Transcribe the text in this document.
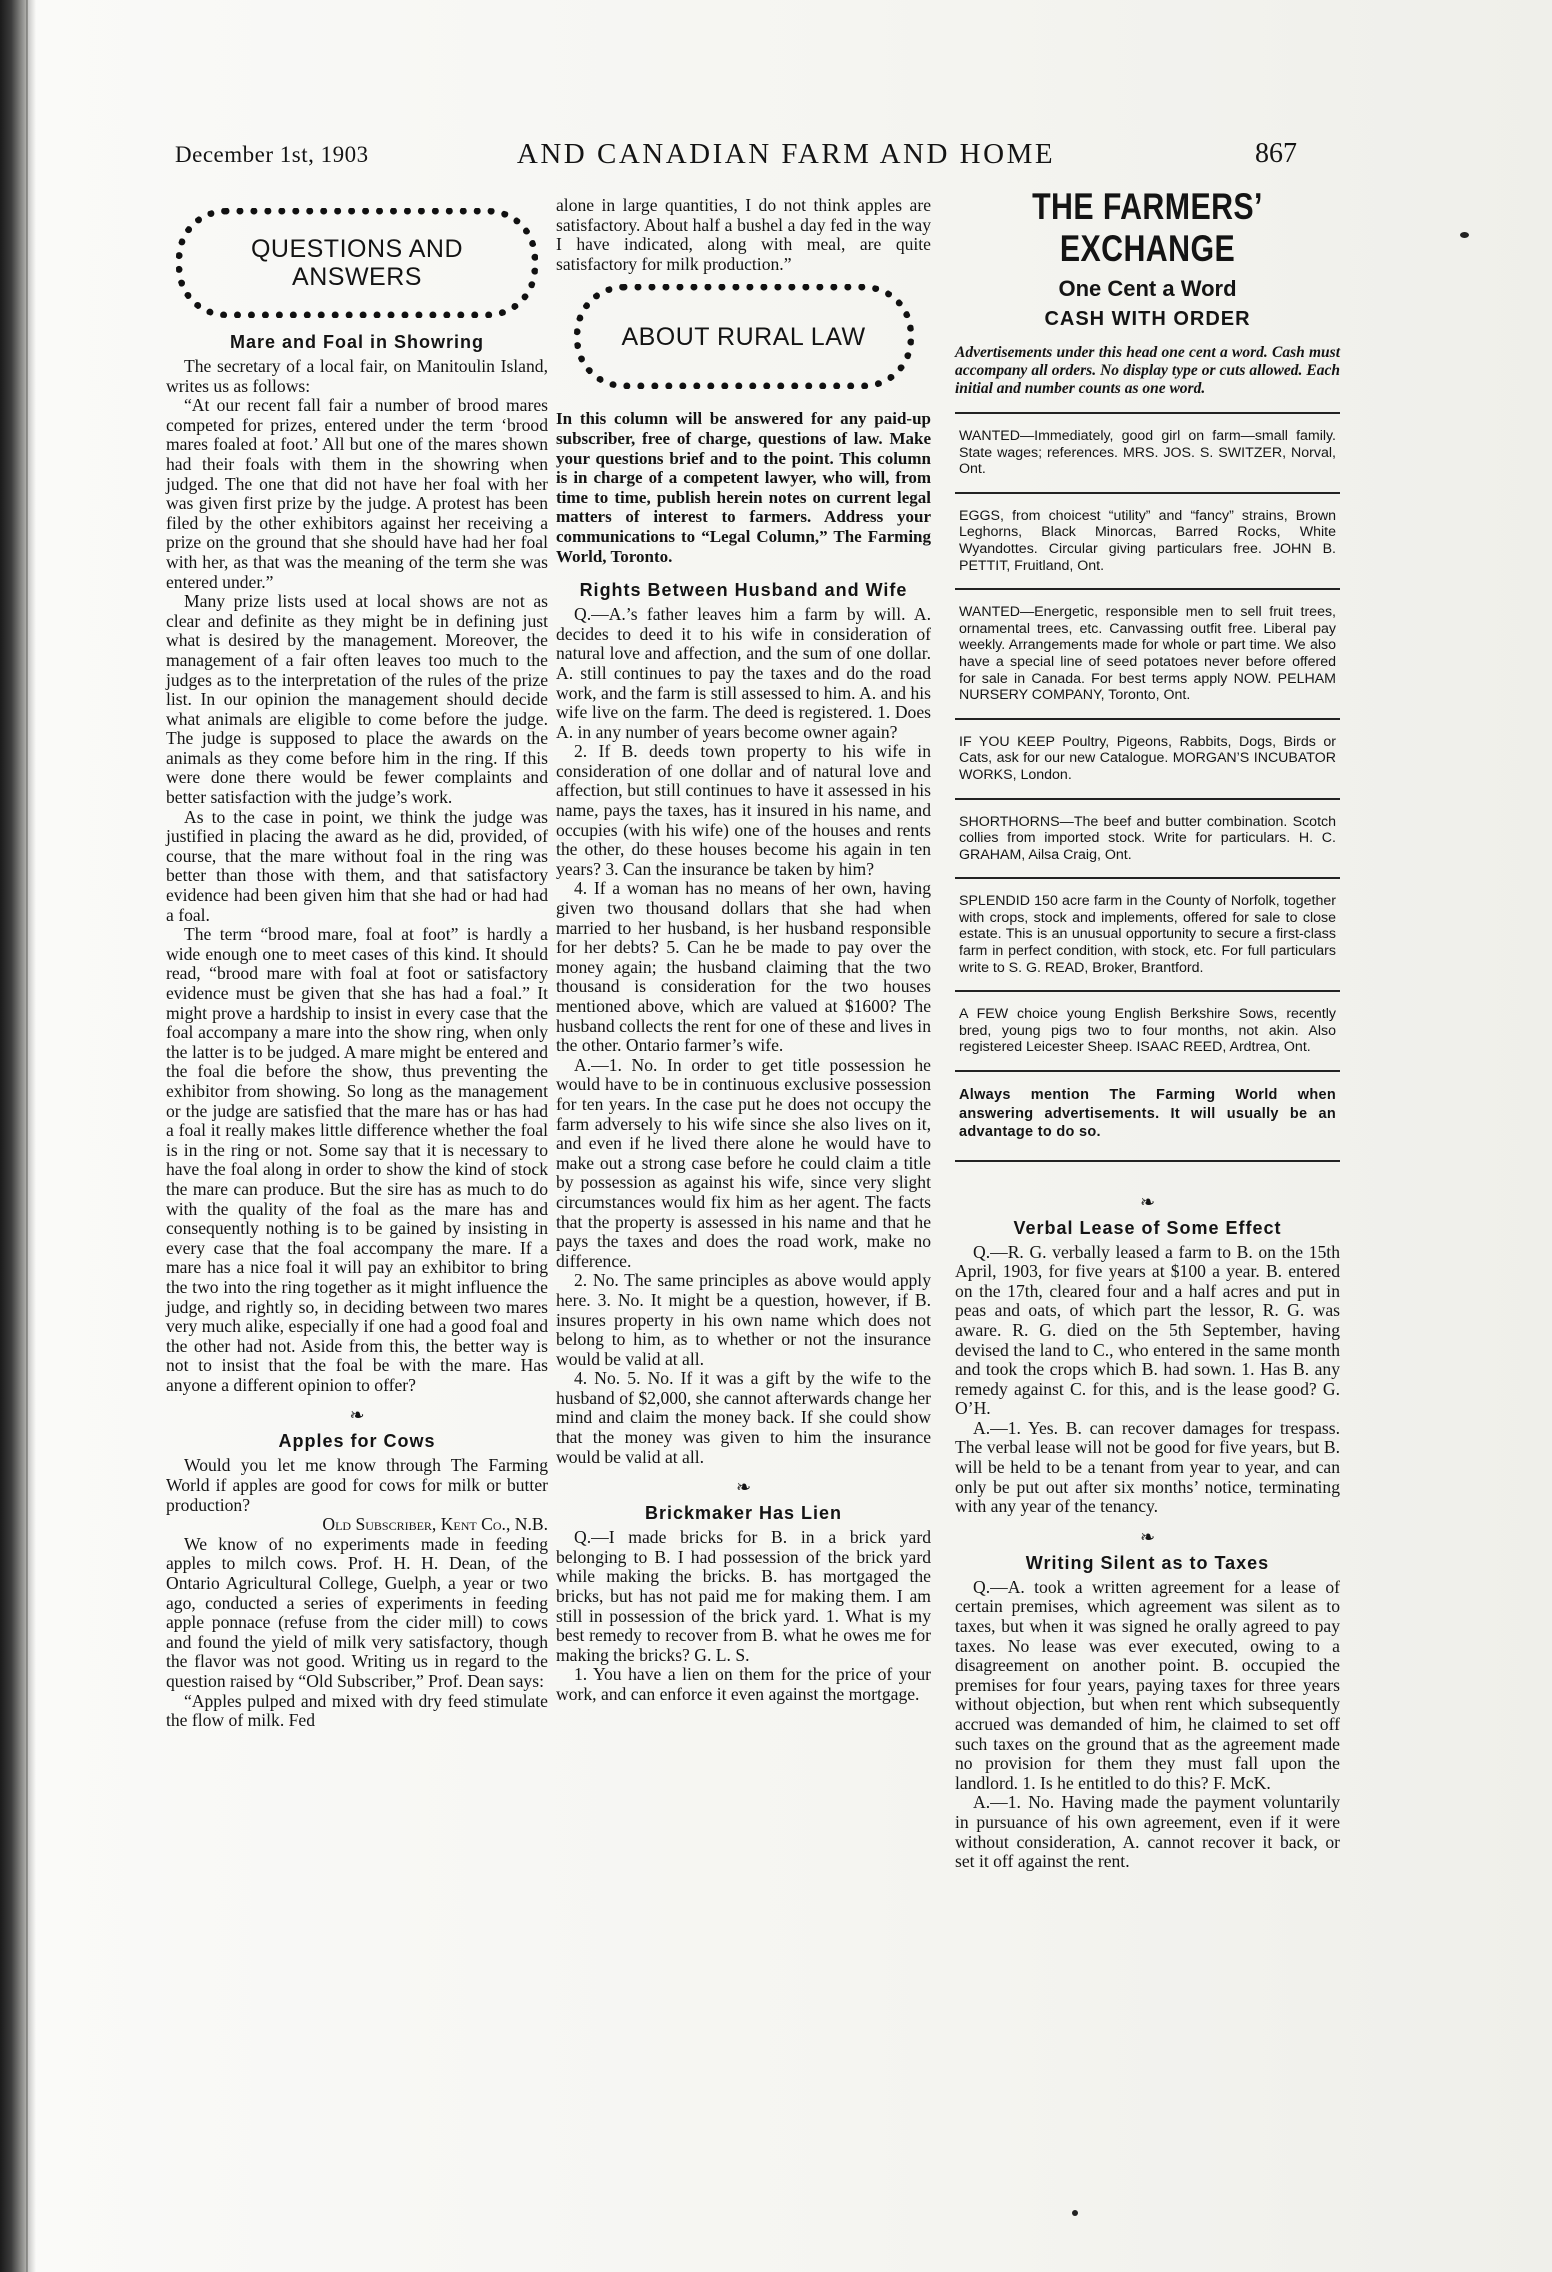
December 1st, 1903	AND CANADIAN FARM AND HOME	867
QUESTIONS AND
ANSWERS
Mare and Foal in Showring

The secretary of a local fair, on Manitoulin Island, writes us as follows:

“At our recent fall fair a number of brood mares competed for prizes, entered under the term ‘brood mares foaled at foot.’ All but one of the mares shown had their foals with them in the showring when judged. The one that did not have her foal with her was given first prize by the judge. A protest has been filed by the other exhibitors against her receiving a prize on the ground that she should have had her foal with her, as that was the meaning of the term she was entered under.”

Many prize lists used at local shows are not as clear and definite as they might be in defining just what is desired by the management. Moreover, the management of a fair often leaves too much to the judges as to the interpretation of the rules of the prize list. In our opinion the management should decide what animals are eligible to come before the judge. The judge is supposed to place the awards on the animals as they come before him in the ring. If this were done there would be fewer complaints and better satisfaction with the judge’s work.

As to the case in point, we think the judge was justified in placing the award as he did, provided, of course, that the mare without foal in the ring was better than those with them, and that satisfactory evidence had been given him that she had or had had a foal.

The term “brood mare, foal at foot” is hardly a wide enough one to meet cases of this kind. It should read, “brood mare with foal at foot or satisfactory evidence must be given that she has had a foal.” It might prove a hardship to insist in every case that the foal accompany a mare into the show ring, when only the latter is to be judged. A mare might be entered and the foal die before the show, thus preventing the exhibitor from showing. So long as the management or the judge are satisfied that the mare has or has had a foal it really makes little difference whether the foal is in the ring or not. Some say that it is necessary to have the foal along in order to show the kind of stock the mare can produce. But the sire has as much to do with the quality of the foal as the mare has and consequently nothing is to be gained by insisting in every case that the foal accompany the mare. If a mare has a nice foal it will pay an exhibitor to bring the two into the ring together as it might influence the judge, and rightly so, in deciding between two mares very much alike, especially if one had a good foal and the other had not. Aside from this, the better way is not to insist that the foal be with the mare. Has anyone a different opinion to offer?

❧
Apples for Cows

Would you let me know through The Farming World if apples are good for cows for milk or butter production?

Old Subscriber, Kent Co., N.B.

We know of no experiments made in feeding apples to milch cows. Prof. H. H. Dean, of the Ontario Agricultural College, Guelph, a year or two ago, conducted a series of experiments in feeding apple ponnace (refuse from the cider mill) to cows and found the yield of milk very satisfactory, though the flavor was not good. Writing us in regard to the question raised by “Old Subscriber,” Prof. Dean says:

“Apples pulped and mixed with dry feed stimulate the flow of milk. Fed

alone in large quantities, I do not think apples are satisfactory. About half a bushel a day fed in the way I have indicated, along with meal, are quite satisfactory for milk production.”

ABOUT RURAL LAW
In this column will be answered for any paid-up subscriber, free of charge, questions of law. Make your questions brief and to the point. This column is in charge of a competent lawyer, who will, from time to time, publish herein notes on current legal matters of interest to farmers. Address your communications to “Legal Column,” The Farming World, Toronto.
Rights Between Husband and Wife

Q.—A.’s father leaves him a farm by will. A. decides to deed it to his wife in consideration of natural love and affection, and the sum of one dollar. A. still continues to pay the taxes and do the road work, and the farm is still assessed to him. A. and his wife live on the farm. The deed is registered. 1. Does A. in any number of years become owner again?

2. If B. deeds town property to his wife in consideration of one dollar and of natural love and affection, but still continues to have it assessed in his name, pays the taxes, has it insured in his name, and occupies (with his wife) one of the houses and rents the other, do these houses become his again in ten years? 3. Can the insurance be taken by him?

4. If a woman has no means of her own, having given two thousand dollars that she had when married to her husband, is her husband responsible for her debts? 5. Can he be made to pay over the money again; the husband claiming that the two thousand is consideration for the two houses mentioned above, which are valued at $1600? The husband collects the rent for one of these and lives in the other. Ontario farmer’s wife.

A.—1. No. In order to get title possession he would have to be in continuous exclusive possession for ten years. In the case put he does not occupy the farm adversely to his wife since she also lives on it, and even if he lived there alone he would have to make out a strong case before he could claim a title by possession as against his wife, since very slight circumstances would fix him as her agent. The facts that the property is assessed in his name and that he pays the taxes and does the road work, make no difference.

2. No. The same principles as above would apply here. 3. No. It might be a question, however, if B. insures property in his own name which does not belong to him, as to whether or not the insurance would be valid at all.

4. No. 5. No. If it was a gift by the wife to the husband of $2,000, she cannot afterwards change her mind and claim the money back. If she could show that the money was given to him the insurance would be valid at all.

❧
Brickmaker Has Lien

Q.—I made bricks for B. in a brick yard belonging to B. I had possession of the brick yard while making the bricks. B. has mortgaged the bricks, but has not paid me for making them. I am still in possession of the brick yard. 1. What is my best remedy to recover from B. what he owes me for making the bricks? G. L. S.

1. You have a lien on them for the price of your work, and can enforce it even against the mortgage.

THE FARMERS’ EXCHANGE
One Cent a Word
CASH WITH ORDER
Advertisements under this head one cent a word. Cash must accompany all orders. No display type or cuts allowed. Each initial and number counts as one word.
WANTED—Immediately, good girl on farm—small family. State wages; references. MRS. JOS. S. SWITZER, Norval, Ont.
EGGS, from choicest “utility” and “fancy” strains, Brown Leghorns, Black Minorcas, Barred Rocks, White Wyandottes. Circular giving particulars free. JOHN B. PETTIT, Fruitland, Ont.
WANTED—Energetic, responsible men to sell fruit trees, ornamental trees, etc. Canvassing outfit free. Liberal pay weekly. Arrangements made for whole or part time. We also have a special line of seed potatoes never before offered for sale in Canada. For best terms apply NOW. PELHAM NURSERY COMPANY, Toronto, Ont.
IF YOU KEEP Poultry, Pigeons, Rabbits, Dogs, Birds or Cats, ask for our new Catalogue. MORGAN’S INCUBATOR WORKS, London.
SHORTHORNS—The beef and butter combination. Scotch collies from imported stock. Write for particulars. H. C. GRAHAM, Ailsa Craig, Ont.
SPLENDID 150 acre farm in the County of Norfolk, together with crops, stock and implements, offered for sale to close estate. This is an unusual opportunity to secure a first-class farm in perfect condition, with stock, etc. For full particulars write to S. G. READ, Broker, Brantford.
A FEW choice young English Berkshire Sows, recently bred, young pigs two to four months, not akin. Also registered Leicester Sheep. ISAAC REED, Ardtrea, Ont.
Always mention The Farming World when answering advertisements. It will usually be an advantage to do so.
❧
Verbal Lease of Some Effect

Q.—R. G. verbally leased a farm to B. on the 15th April, 1903, for five years at $100 a year. B. entered on the 17th, cleared four and a half acres and put in peas and oats, of which part the lessor, R. G. was aware. R. G. died on the 5th September, having devised the land to C., who entered in the same month and took the crops which B. had sown. 1. Has B. any remedy against C. for this, and is the lease good? G. O’H.

A.—1. Yes. B. can recover damages for trespass. The verbal lease will not be good for five years, but B. will be held to be a tenant from year to year, and can only be put out after six months’ notice, terminating with any year of the tenancy.

❧
Writing Silent as to Taxes

Q.—A. took a written agreement for a lease of certain premises, which agreement was silent as to taxes, but when it was signed he orally agreed to pay taxes. No lease was ever executed, owing to a disagreement on another point. B. occupied the premises for four years, paying taxes for three years without objection, but when rent which subsequently accrued was demanded of him, he claimed to set off such taxes on the ground that as the agreement made no provision for them they must fall upon the landlord. 1. Is he entitled to do this? F. McK.

A.—1. No. Having made the payment voluntarily in pursuance of his own agreement, even if it were without consideration, A. cannot recover it back, or set it off against the rent.
